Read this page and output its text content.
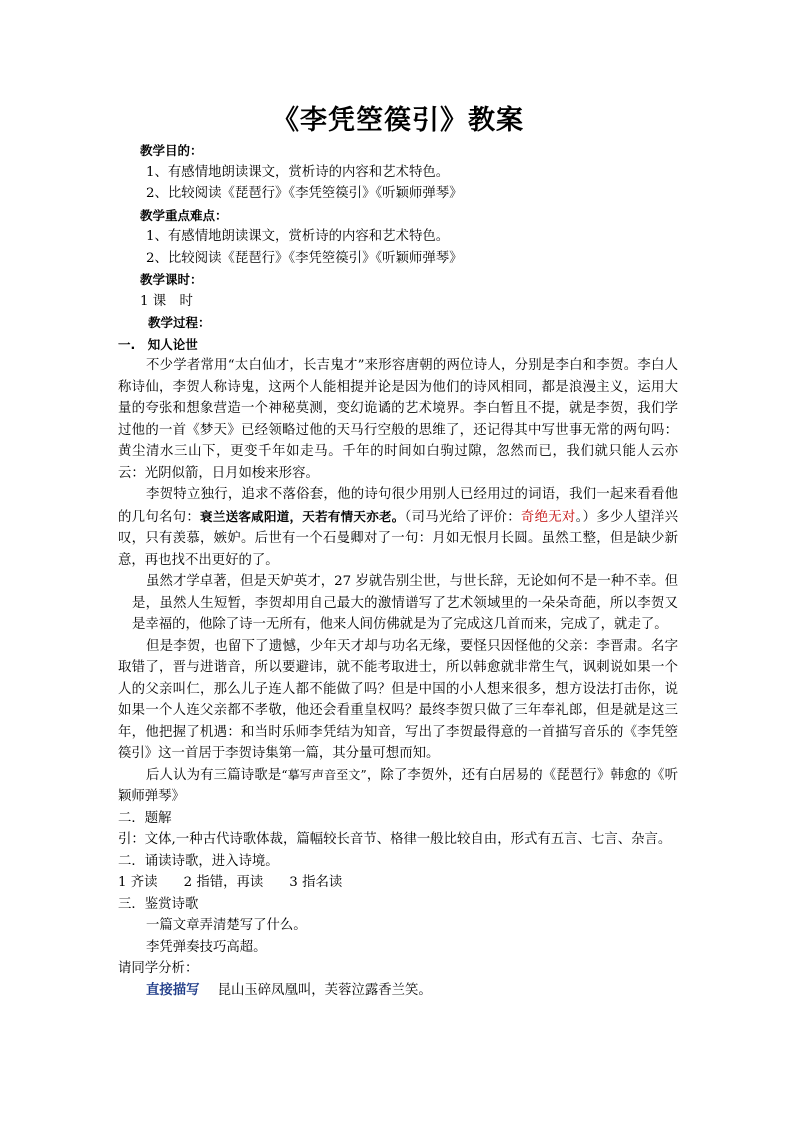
《李凭箜篌引》教案

教学目的：

1、有感情地朗读课文，赏析诗的内容和艺术特色。

2、比较阅读《琵琶行》《李凭箜篌引》《听颖师弹琴》

教学重点难点：

1、有感情地朗读课文，赏析诗的内容和艺术特色。

2、比较阅读《琵琶行》《李凭箜篌引》《听颖师弹琴》

教学课时：

1 课　时

教学过程：

一.　知人论世

不少学者常用“太白仙才，长吉鬼才”来形容唐朝的两位诗人，分别是李白和李贺。李白人称诗仙，李贺人称诗鬼，这两个人能相提并论是因为他们的诗风相同，都是浪漫主义，运用大量的夸张和想象营造一个神秘莫测，变幻诡谲的艺术境界。李白暂且不提，就是李贺，我们学过他的一首《梦天》已经领略过他的天马行空般的思维了，还记得其中写世事无常的两句吗：黄尘清水三山下，更变千年如走马。千年的时间如白驹过隙，忽然而已，我们就只能人云亦云：光阴似箭，日月如梭来形容。

李贺特立独行，追求不落俗套，他的诗句很少用别人已经用过的词语，我们一起来看看他的几句名句：衰兰送客咸阳道，天若有情天亦老。（司马光给了评价：奇绝无对。）多少人望洋兴叹，只有羡慕，嫉妒。后世有一个石曼卿对了一句：月如无恨月长圆。虽然工整，但是缺少新意，再也找不出更好的了。

虽然才学卓著，但是天妒英才，27 岁就告别尘世，与世长辞，无论如何不是一种不幸。但是，虽然人生短暂，李贺却用自己最大的激情谱写了艺术领域里的一朵朵奇葩，所以李贺又是幸福的，他除了诗一无所有，他来人间仿佛就是为了完成这几首而来，完成了，就走了。

但是李贺，也留下了遗憾，少年天才却与功名无缘，要怪只因怪他的父亲：李晋肃。名字取错了，晋与进谐音，所以要避讳，就不能考取进士，所以韩愈就非常生气，讽刺说如果一个人的父亲叫仁，那么儿子连人都不能做了吗？但是中国的小人想来很多，想方设法打击你，说如果一个人连父亲都不孝敬，他还会看重皇权吗？最终李贺只做了三年奉礼郎，但是就是这三年，他把握了机遇：和当时乐师李凭结为知音，写出了李贺最得意的一首描写音乐的《李凭箜篌引》这一首居于李贺诗集第一篇，其分量可想而知。

后人认为有三篇诗歌是“摹写声音至文”，除了李贺外，还有白居易的《琵琶行》韩愈的《听颖师弹琴》

二．题解

引：文体,一种古代诗歌体裁，篇幅较长音节、格律一般比较自由，形式有五言、七言、杂言。

二．诵读诗歌，进入诗境。

1 齐读 2 指错，再读 3 指名读

三．鉴赏诗歌

一篇文章弄清楚写了什么。

李凭弹奏技巧高超。

请同学分析：

直接描写 昆山玉碎凤凰叫，芙蓉泣露香兰笑。
